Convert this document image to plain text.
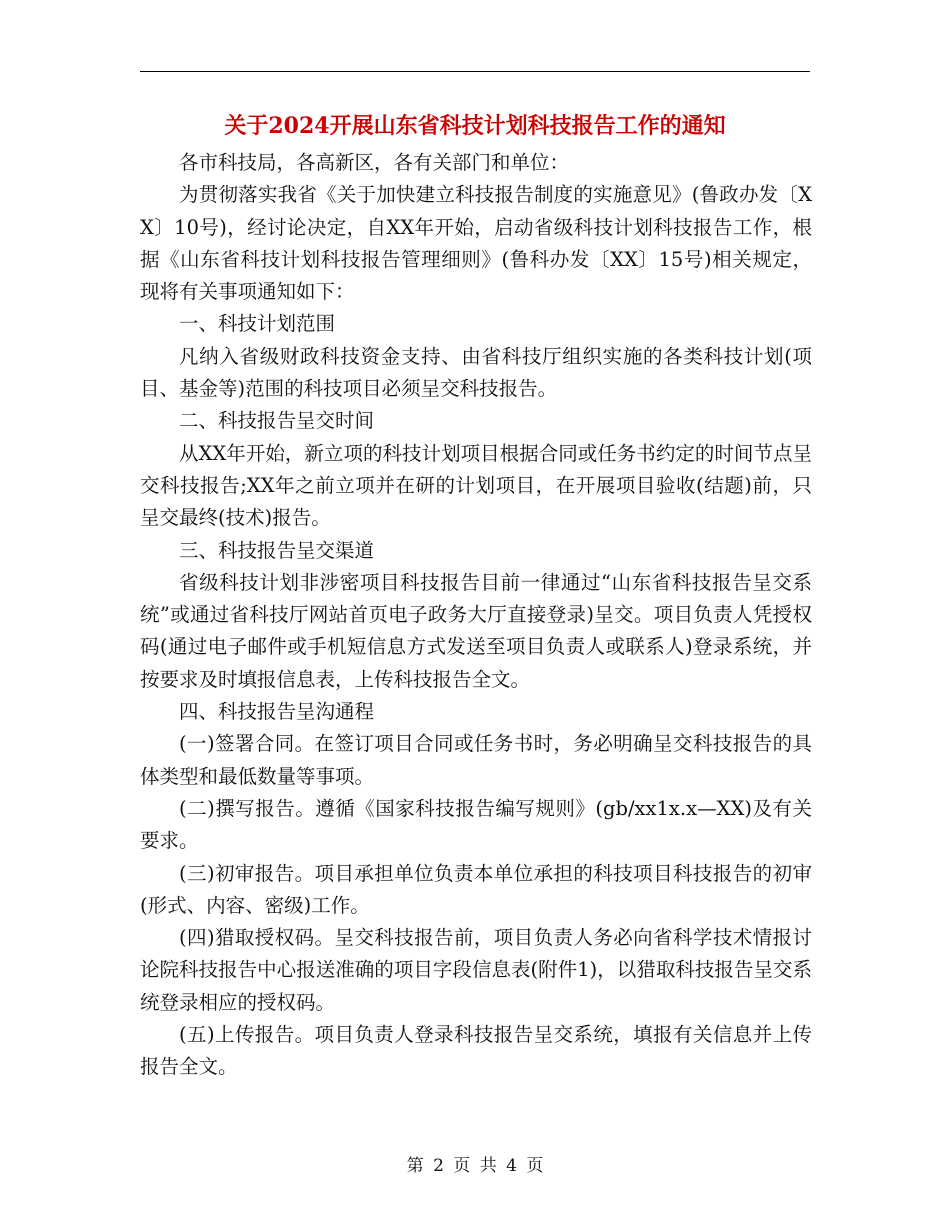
关于2024开展山东省科技计划科技报告工作的通知

各市科技局，各高新区，各有关部门和单位：

为贯彻落实我省《关于加快建立科技报告制度的实施意见》(鲁政办发〔XX〕10号)，经讨论决定，自XX年开始，启动省级科技计划科技报告工作，根据《山东省科技计划科技报告管理细则》(鲁科办发〔XX〕15号)相关规定，现将有关事项通知如下：

一、科技计划范围

凡纳入省级财政科技资金支持、由省科技厅组织实施的各类科技计划(项目、基金等)范围的科技项目必须呈交科技报告。

二、科技报告呈交时间

从XX年开始，新立项的科技计划项目根据合同或任务书约定的时间节点呈交科技报告;XX年之前立项并在研的计划项目，在开展项目验收(结题)前，只呈交最终(技术)报告。

三、科技报告呈交渠道

省级科技计划非涉密项目科技报告目前一律通过“山东省科技报告呈交系统”或通过省科技厅网站首页电子政务大厅直接登录)呈交。项目负责人凭授权码(通过电子邮件或手机短信息方式发送至项目负责人或联系人)登录系统，并按要求及时填报信息表，上传科技报告全文。

四、科技报告呈沟通程

(一)签署合同。在签订项目合同或任务书时，务必明确呈交科技报告的具体类型和最低数量等事项。

(二)撰写报告。遵循《国家科技报告编写规则》(gb/xx1x.x—XX)及有关要求。

(三)初审报告。项目承担单位负责本单位承担的科技项目科技报告的初审(形式、内容、密级)工作。

(四)猎取授权码。呈交科技报告前，项目负责人务必向省科学技术情报讨论院科技报告中心报送准确的项目字段信息表(附件1)，以猎取科技报告呈交系统登录相应的授权码。

(五)上传报告。项目负责人登录科技报告呈交系统，填报有关信息并上传报告全文。

第 2 页 共 4 页
